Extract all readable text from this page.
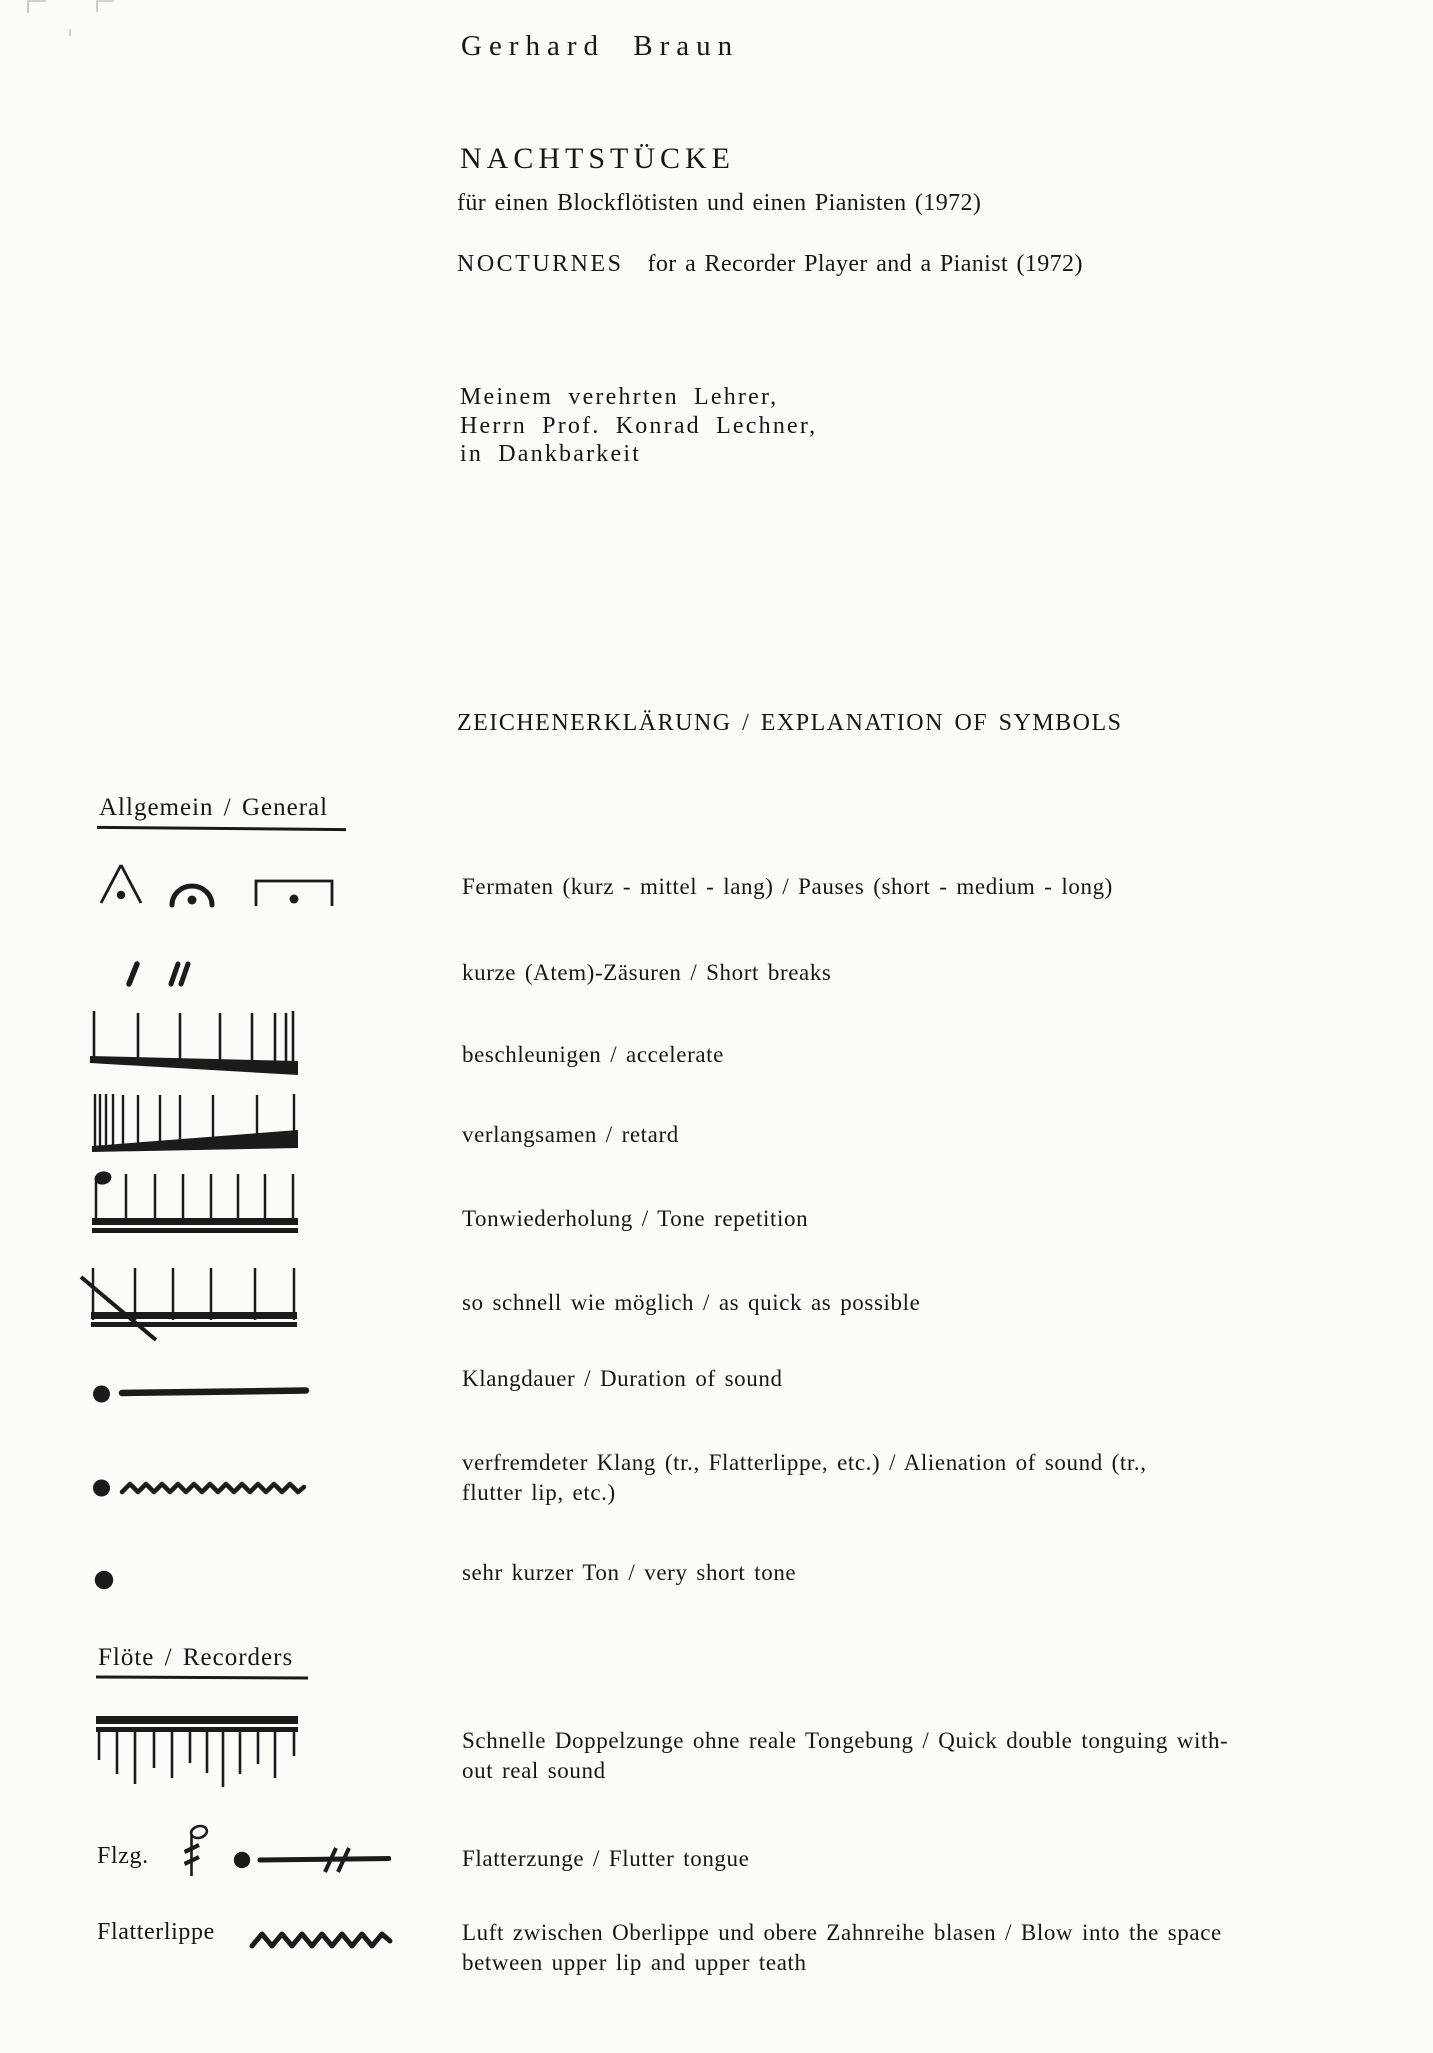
Gerhard Braun
NACHTSTÜCKE
für einen Blockflötisten und einen Pianisten (1972)
NOCTURNES for a Recorder Player and a Pianist (1972)
Meinem verehrten Lehrer,
Herrn Prof. Konrad Lechner,
in Dankbarkeit
ZEICHENERKLÄRUNG / EXPLANATION OF SYMBOLS
Allgemein / General
Fermaten (kurz - mittel - lang) / Pauses (short - medium - long)
kurze (Atem)-Zäsuren / Short breaks
beschleunigen / accelerate
verlangsamen / retard
Tonwiederholung / Tone repetition
so schnell wie möglich / as quick as possible
Klangdauer / Duration of sound
verfremdeter Klang (tr., Flatterlippe, etc.) / Alienation of sound (tr.,
flutter lip, etc.)
sehr kurzer Ton / very short tone
Flöte / Recorders
Schnelle Doppelzunge ohne reale Tongebung / Quick double tonguing with-
out real sound
Flzg.	Flatterzunge / Flutter tongue
Flatterlippe	Luft zwischen Oberlippe und obere Zahnreihe blasen / Blow into the space
between upper lip and upper teath
